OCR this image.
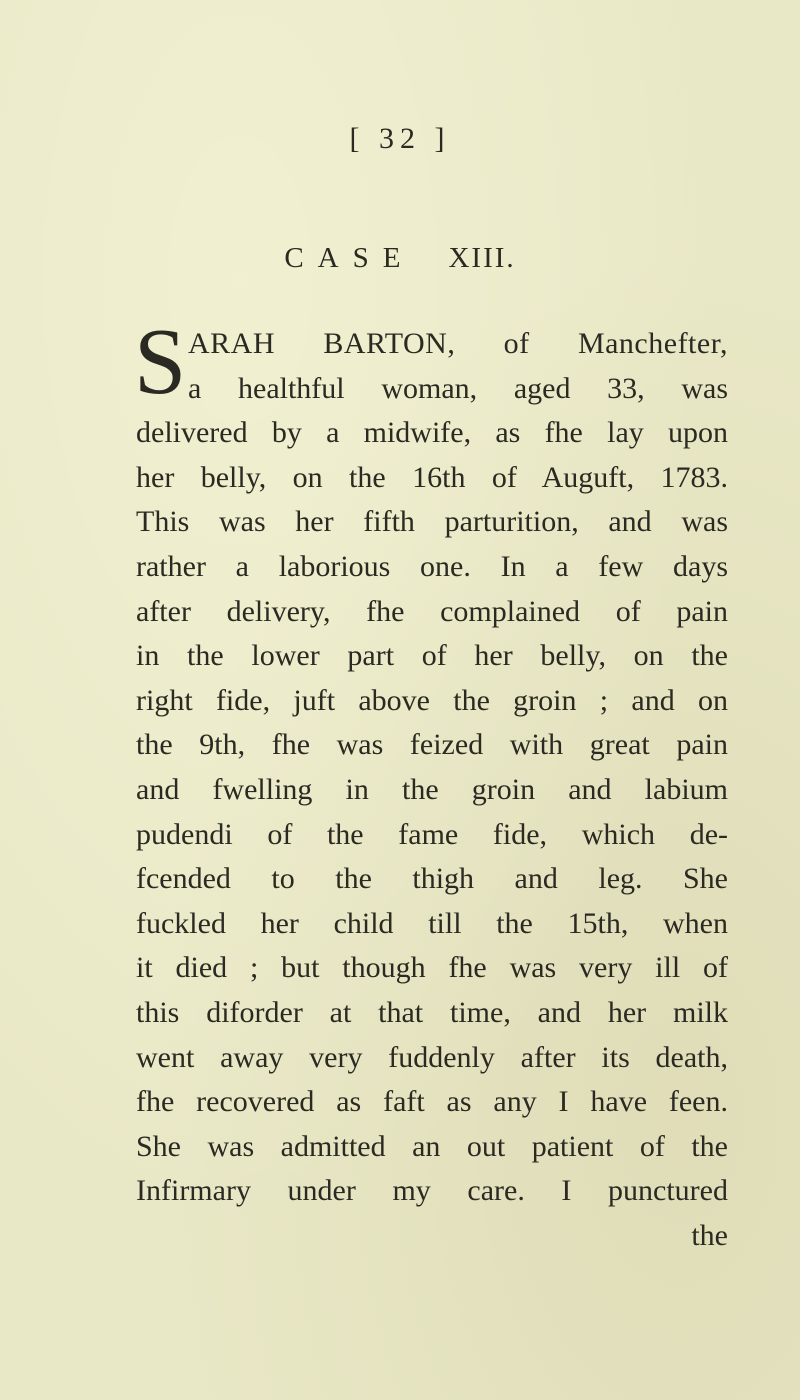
[ 32 ]
CASE XIII.
S ARAH BARTON, of Manchefter,
a healthful woman, aged 33, was
delivered by a midwife, as fhe lay upon
her belly, on the 16th of Auguft, 1783.
This was her fifth parturition, and was
rather a laborious one. In a few days
after delivery, fhe complained of pain
in the lower part of her belly, on the
right fide, juft above the groin ; and on
the 9th, fhe was feized with great pain
and fwelling in the groin and labium
pudendi of the fame fide, which de-
fcended to the thigh and leg. She
fuckled her child till the 15th, when
it died ; but though fhe was very ill of
this diforder at that time, and her milk
went away very fuddenly after its death,
fhe recovered as faft as any I have feen.
She was admitted an out patient of the
Infirmary under my care. I punctured
the
